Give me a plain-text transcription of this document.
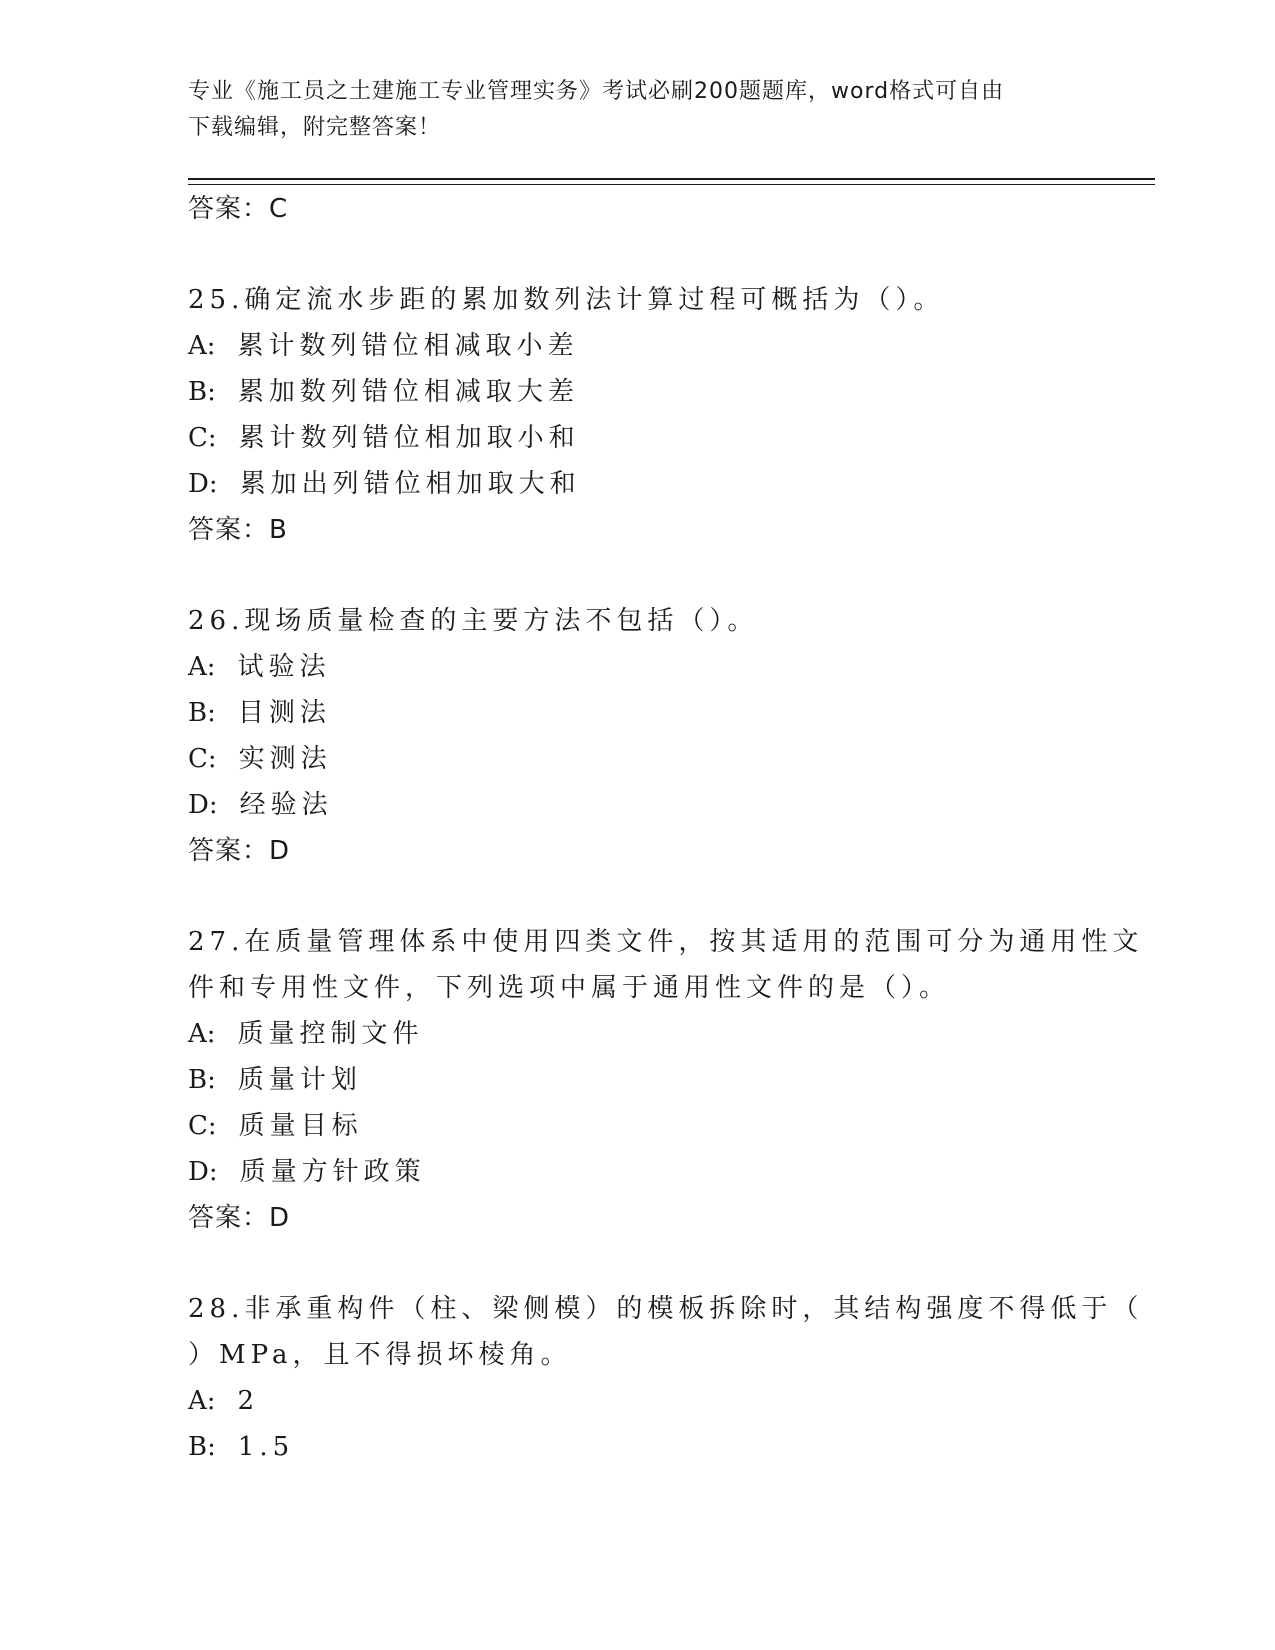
专业《施工员之土建施工专业管理实务》考试必刷200题题库，word格式可自由
下载编辑，附完整答案！
答案：C
25.确定流水步距的累加数列法计算过程可概括为（）。
A: 累计数列错位相减取小差
B: 累加数列错位相减取大差
C: 累计数列错位相加取小和
D: 累加出列错位相加取大和
答案：B
26.现场质量检查的主要方法不包括（）。
A: 试验法
B: 目测法
C: 实测法
D: 经验法
答案：D
27.在质量管理体系中使用四类文件，按其适用的范围可分为通用性文
件和专用性文件，下列选项中属于通用性文件的是（）。
A: 质量控制文件
B: 质量计划
C: 质量目标
D: 质量方针政策
答案：D
28.非承重构件（柱、梁侧模）的模板拆除时，其结构强度不得低于（
）MPa，且不得损坏棱角。
A: 2
B: 1.5
